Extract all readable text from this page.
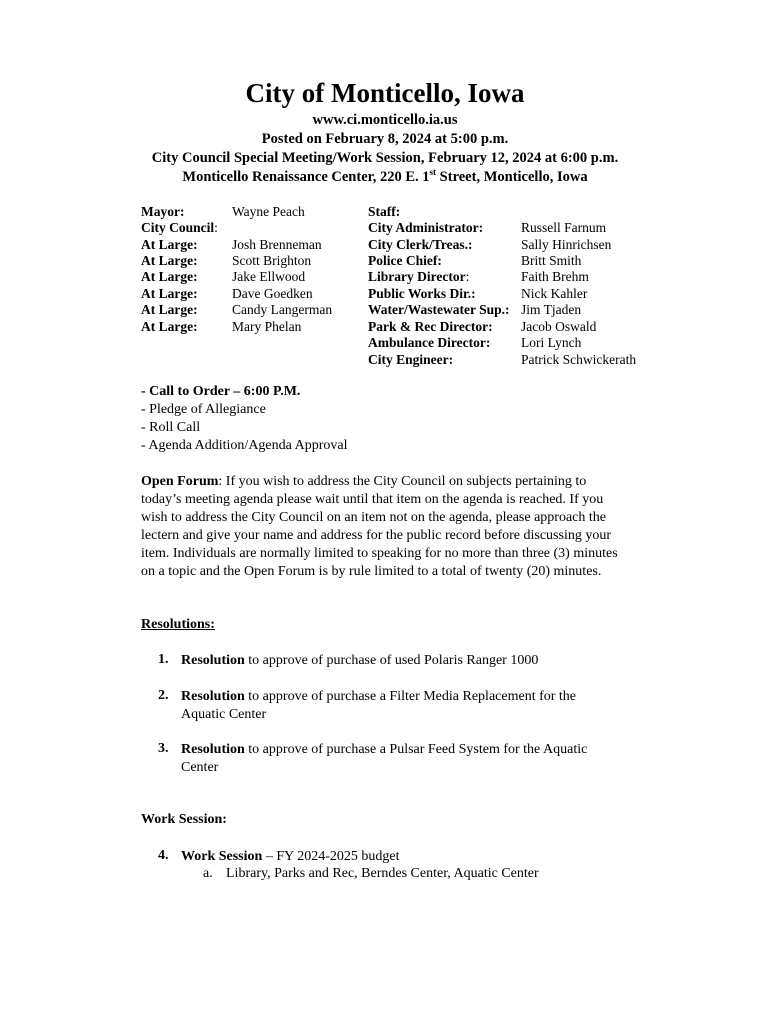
City of Monticello, Iowa
www.ci.monticello.ia.us
Posted on February 8, 2024 at 5:00 p.m.
City Council Special Meeting/Work Session, February 12, 2024 at 6:00 p.m.
Monticello Renaissance Center, 220 E. 1st Street, Monticello, Iowa
Mayor:	Wayne Peach
City Council:
At Large:	Josh Brenneman
At Large:	Scott Brighton
At Large:	Jake Ellwood
At Large:	Dave Goedken
At Large:	Candy Langerman
At Large:	Mary Phelan
Staff:
City Administrator:	Russell Farnum
City Clerk/Treas.:	Sally Hinrichsen
Police Chief:	Britt Smith
Library Director:	Faith Brehm
Public Works Dir.:	Nick Kahler
Water/Wastewater Sup.: Jim Tjaden
Park & Rec Director: Jacob Oswald
Ambulance Director: Lori Lynch
City Engineer:	Patrick Schwickerath
- Call to Order – 6:00 P.M.
- Pledge of Allegiance
- Roll Call
- Agenda Addition/Agenda Approval
Open Forum: If you wish to address the City Council on subjects pertaining to
today’s meeting agenda please wait until that item on the agenda is reached. If you
wish to address the City Council on an item not on the agenda, please approach the
lectern and give your name and address for the public record before discussing your
item. Individuals are normally limited to speaking for no more than three (3) minutes
on a topic and the Open Forum is by rule limited to a total of twenty (20) minutes.
Resolutions:
1. Resolution to approve of purchase of used Polaris Ranger 1000
2. Resolution to approve of purchase a Filter Media Replacement for the
Aquatic Center
3. Resolution to approve of purchase a Pulsar Feed System for the Aquatic
Center
Work Session:
4. Work Session – FY 2024-2025 budget
a. Library, Parks and Rec, Berndes Center, Aquatic Center
